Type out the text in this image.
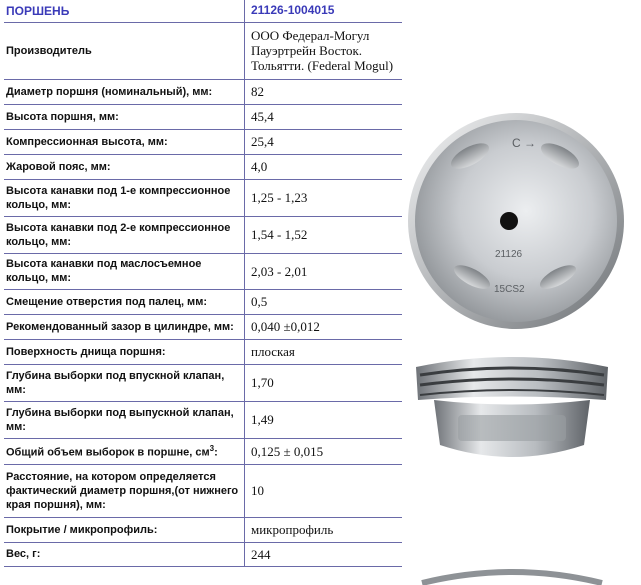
ПОРШЕНЬ	21126-1004015
Производитель	ООО Федерал-Могул Пауэртрейн Восток. Тольятти. (Federal Mogul)
Диаметр поршня (номинальный), мм:	82
Высота поршня, мм:	45,4
Компрессионная высота, мм:	25,4
Жаровой пояс, мм:	4,0
Высота канавки под 1-е компрессионное кольцо, мм:	1,25 - 1,23
Высота канавки под 2-е компрессионное кольцо, мм:	1,54 - 1,52
Высота канавки под маслосъемное кольцо, мм:	2,03 - 2,01
Смещение отверстия под палец, мм:	0,5
Рекомендованный зазор в цилиндре, мм:	0,040 ±0,012
Поверхность днища поршня:	плоская
Глубина выборки под впускной клапан, мм:	1,70
Глубина выборки под выпускной клапан, мм:	1,49
Общий объем выборок в поршне, $см^3$:	0,125 ± 0,015
Расстояние, на котором определяется фактический диаметр поршня,(от нижнего края поршня), мм:	10
Покрытие / микропрофиль:	микропрофиль
Вес, г:	244
C →
21126
15CS2
